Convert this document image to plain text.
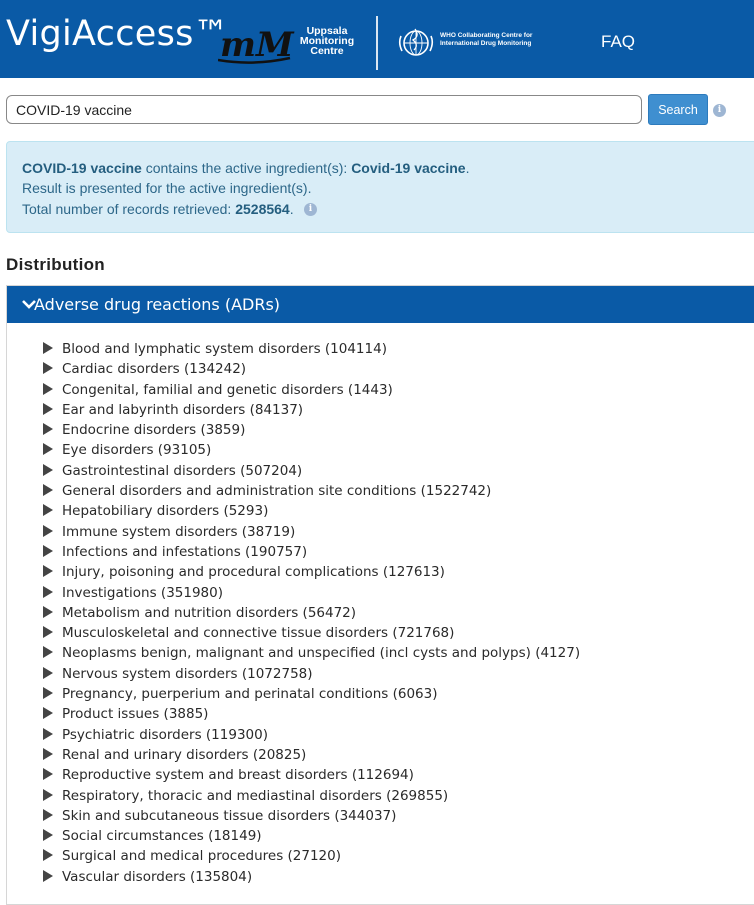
VigiAccess™
mM	Uppsala Monitoring Centre
WHO Collaborating Centre for International Drug Monitoring	FAQ
COVID-19 vaccine
Search	i

COVID-19 vaccine contains the active ingredient(s): Covid-19 vaccine.

Result is presented for the active ingredient(s).

Total number of records retrieved: 2528564.	i
Distribution
Adverse drug reactions (ADRs)
Blood and lymphatic system disorders (104114)
Cardiac disorders (134242)
Congenital, familial and genetic disorders (1443)
Ear and labyrinth disorders (84137)
Endocrine disorders (3859)
Eye disorders (93105)
Gastrointestinal disorders (507204)
General disorders and administration site conditions (1522742)
Hepatobiliary disorders (5293)
Immune system disorders (38719)
Infections and infestations (190757)
Injury, poisoning and procedural complications (127613)
Investigations (351980)
Metabolism and nutrition disorders (56472)
Musculoskeletal and connective tissue disorders (721768)
Neoplasms benign, malignant and unspecified (incl cysts and polyps) (4127)
Nervous system disorders (1072758)
Pregnancy, puerperium and perinatal conditions (6063)
Product issues (3885)
Psychiatric disorders (119300)
Renal and urinary disorders (20825)
Reproductive system and breast disorders (112694)
Respiratory, thoracic and mediastinal disorders (269855)
Skin and subcutaneous tissue disorders (344037)
Social circumstances (18149)
Surgical and medical procedures (27120)
Vascular disorders (135804)
